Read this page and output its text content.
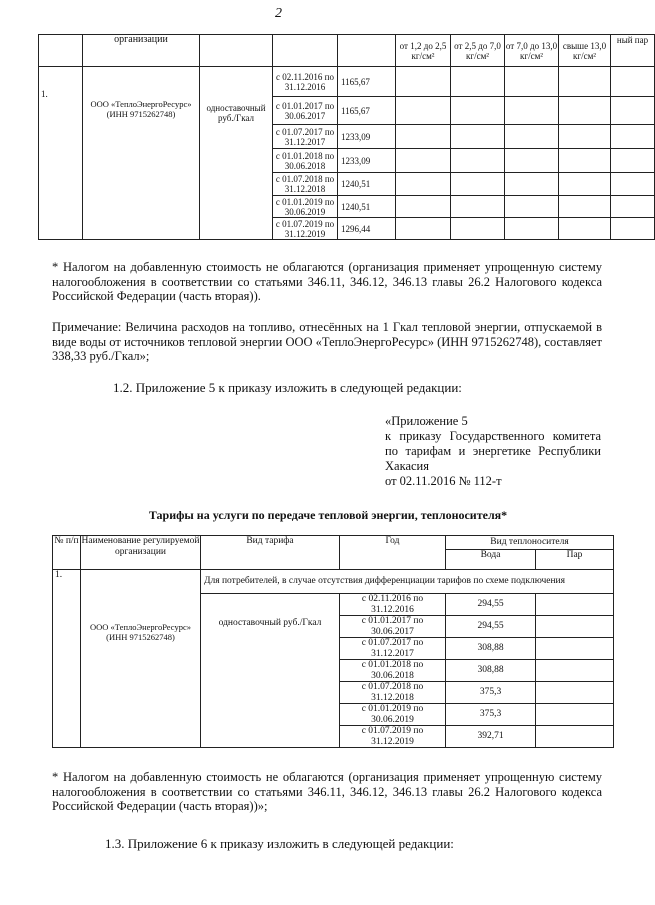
2
	организации				от 1,2 до 2,5 кг/см²	от 2,5 до 7,0 кг/см²	от 7,0 до 13,0 кг/см²	свыше 13,0 кг/см²	ный пар
1.	ООО «ТеплоЭнергоРесурс» (ИНН 9715262748)	одноставочный руб./Гкал	с 02.11.2016 по 31.12.2016	1165,67					
			с 01.01.2017 по 30.06.2017	1165,67					
			с 01.07.2017 по 31.12.2017	1233,09					
			с 01.01.2018 по 30.06.2018	1233,09					
			с 01.07.2018 по 31.12.2018	1240,51					
			с 01.01.2019 по 30.06.2019	1240,51					
			с 01.07.2019 по 31.12.2019	1296,44					
* Налогом на добавленную стоимость не облагаются (организация применяет упрощенную систему налогообложения в соответствии со статьями 346.11, 346.12, 346.13 главы 26.2 Налогового кодекса Российской Федерации (часть вторая)).
Примечание: Величина расходов на топливо, отнесённых на 1 Гкал тепловой энергии, отпускаемой в виде воды от источников тепловой энергии ООО «ТеплоЭнергоРесурс» (ИНН 9715262748), составляет 338,33 руб./Гкал»;
1.2. Приложение 5 к приказу изложить в следующей редакции:
«Приложение 5
к приказу Государственного комитета по тарифам и энергетике Республики Хакасия
от 02.11.2016 № 112-т
Тарифы на услуги по передаче тепловой энергии, теплоносителя*
№ п/п	Наименование регулируемой организации	Вид тарифа	Год	Вид теплоносителя	
				Вода	Пар
1.	ООО «ТеплоЭнергоРесурс» (ИНН 9715262748)	Для потребителей, в случае отсутствия дифференциации тарифов по схеме подключения			
		одноставочный руб./Гкал	с 02.11.2016 по 31.12.2016	294,55	
			с 01.01.2017 по 30.06.2017	294,55	
			с 01.07.2017 по 31.12.2017	308,88	
			с 01.01.2018 по 30.06.2018	308,88	
			с 01.07.2018 по 31.12.2018	375,3	
			с 01.01.2019 по 30.06.2019	375,3	
			с 01.07.2019 по 31.12.2019	392,71	
* Налогом на добавленную стоимость не облагаются (организация применяет упрощенную систему налогообложения в соответствии со статьями 346.11, 346.12, 346.13 главы 26.2 Налогового кодекса Российской Федерации (часть вторая))»;
1.3. Приложение 6 к приказу изложить в следующей редакции:
